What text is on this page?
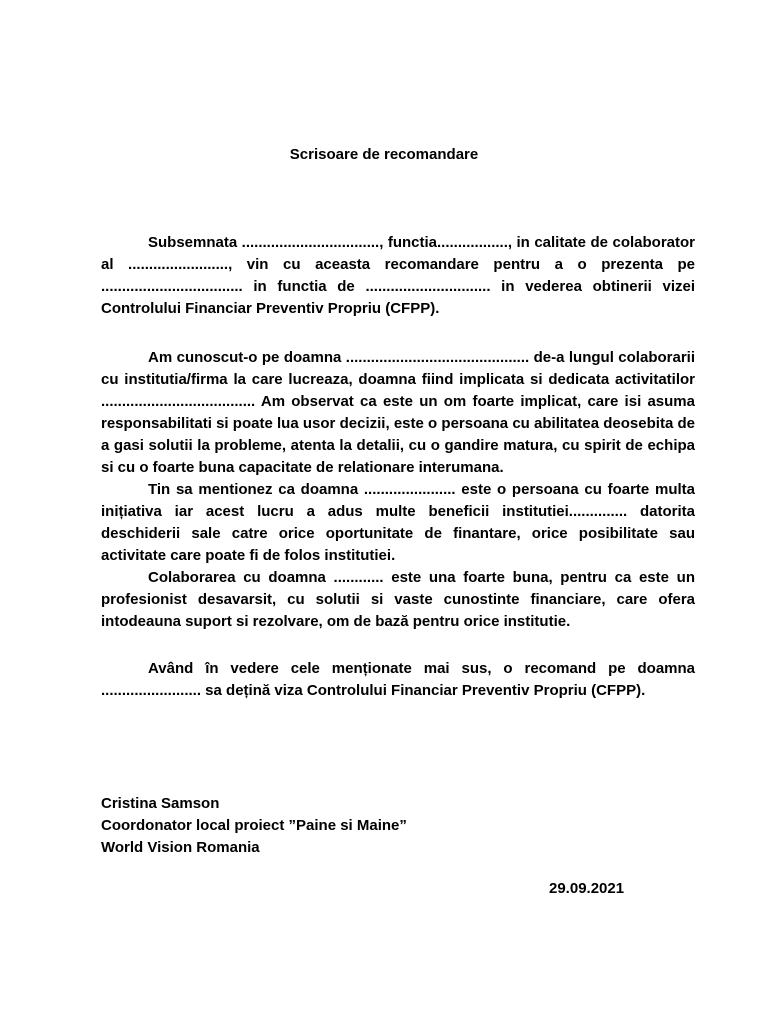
Scrisoare de recomandare

Subsemnata ................................., functia................., in calitate de colaborator al ........................, vin cu aceasta recomandare pentru a o prezenta pe .................................. in functia de .............................. in vederea obtinerii vizei Controlului Financiar Preventiv Propriu (CFPP).

Am cunoscut-o pe doamna ............................................ de-a lungul colaborarii cu institutia/firma la care lucreaza, doamna fiind implicata si dedicata activitatilor ..................................... Am observat ca este un om foarte implicat, care isi asuma responsabilitati si poate lua usor decizii, este o persoana cu abilitatea deosebita de a gasi solutii la probleme, atenta la detalii, cu o gandire matura, cu spirit de echipa si cu o foarte buna capacitate de relationare interumana.

Tin sa mentionez ca doamna ...................... este o persoana cu foarte multa inițiativa iar acest lucru a adus multe beneficii institutiei.............. datorita deschiderii sale catre orice oportunitate de finantare, orice posibilitate sau activitate care poate fi de folos institutiei.

Colaborarea cu doamna ............ este una foarte buna, pentru ca este un profesionist desavarsit, cu solutii si vaste cunostinte financiare, care ofera intodeauna suport si rezolvare, om de bază pentru orice institutie.

Având în vedere cele menționate mai sus, o recomand pe doamna ........................ sa dețină viza Controlului Financiar Preventiv Propriu (CFPP).

Cristina Samson
Coordonator local proiect ”Paine si Maine”
World Vision Romania
29.09.2021
